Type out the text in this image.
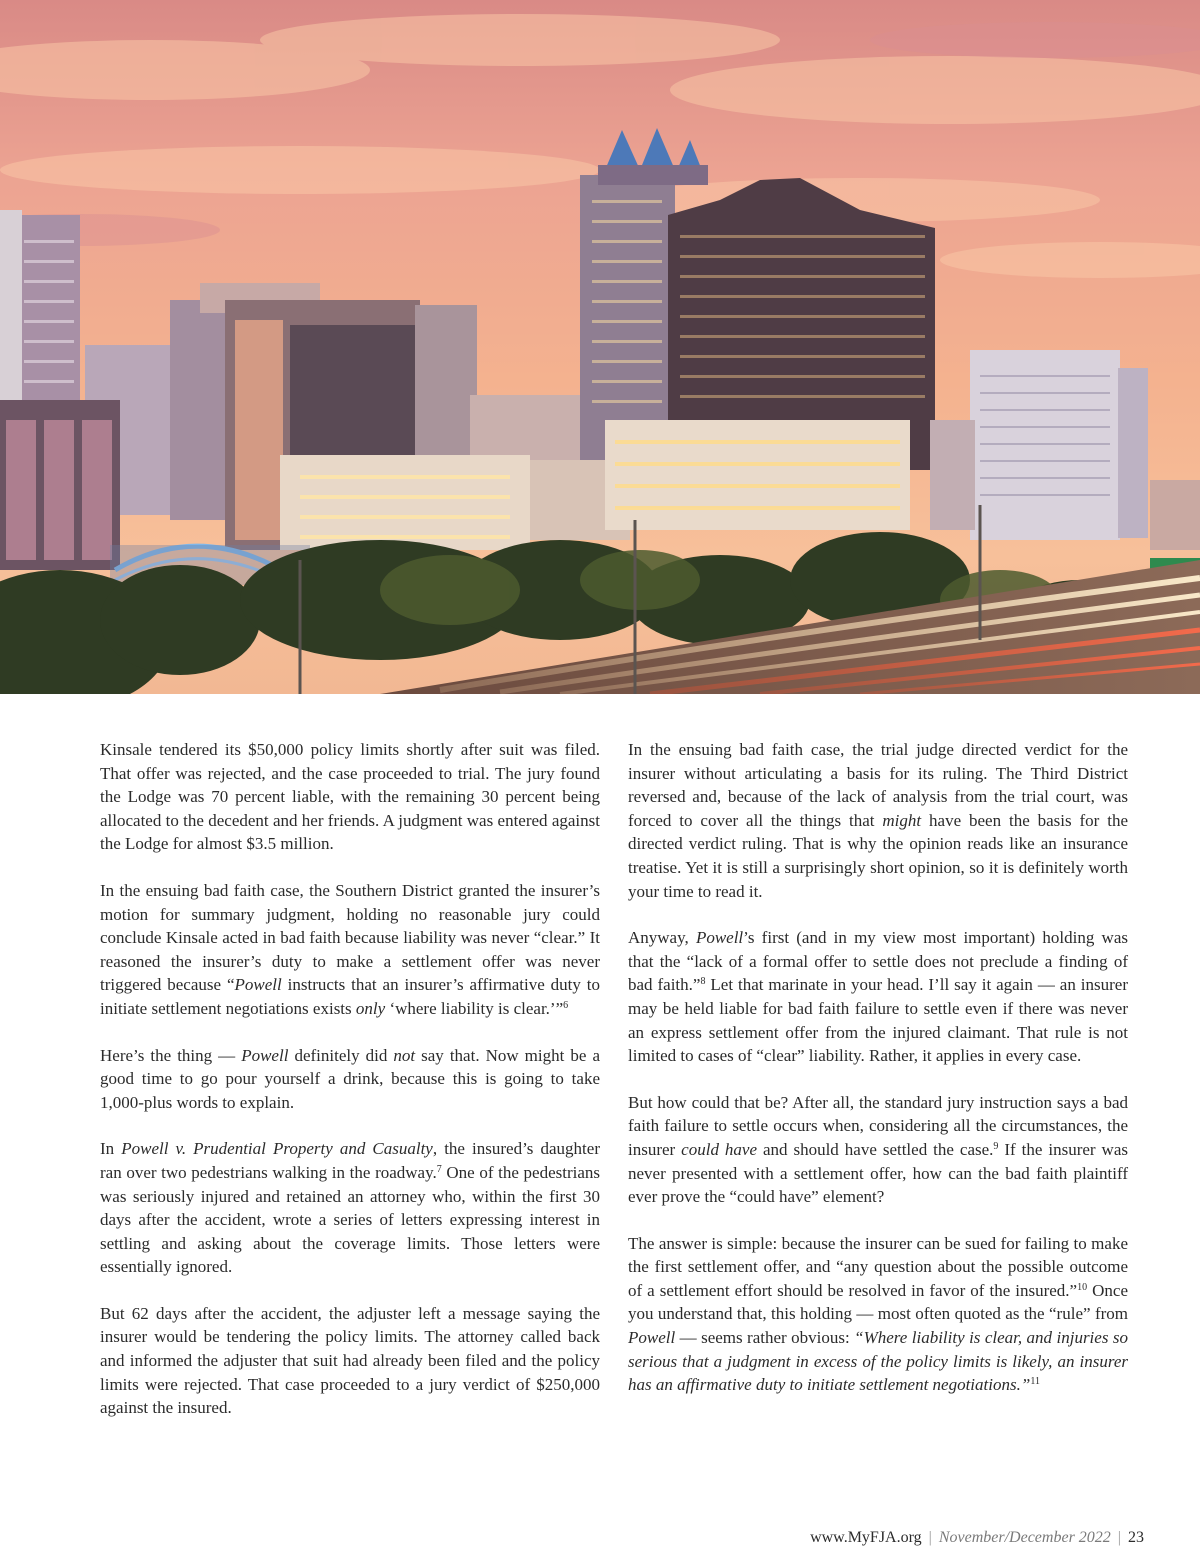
Kinsale tendered its $50,000 policy limits shortly after suit was filed. That offer was rejected, and the case proceeded to trial. The jury found the Lodge was 70 percent liable, with the remaining 30 percent being allocated to the decedent and her friends. A judgment was entered against the Lodge for almost $3.5 million.

In the ensuing bad faith case, the Southern District granted the insurer’s motion for summary judgment, holding no reasonable jury could conclude Kinsale acted in bad faith because liability was never “clear.” It reasoned the insurer’s duty to make a settlement offer was never triggered because “Powell instructs that an insurer’s affirmative duty to initiate settlement negotiations exists only ‘where liability is clear.’”$^6$

Here’s the thing — Powell definitely did not say that. Now might be a good time to go pour yourself a drink, because this is going to take 1,000-plus words to explain.

In Powell v. Prudential Property and Casualty, the insured’s daughter ran over two pedestrians walking in the roadway.$^7$ One of the pedestrians was seriously injured and retained an attorney who, within the first 30 days after the accident, wrote a series of letters expressing interest in settling and asking about the coverage limits. Those letters were essentially ignored.

But 62 days after the accident, the adjuster left a message saying the insurer would be tendering the policy limits. The attorney called back and informed the adjuster that suit had already been filed and the policy limits were rejected. That case proceeded to a jury verdict of $250,000 against the insured.

In the ensuing bad faith case, the trial judge directed verdict for the insurer without articulating a basis for its ruling. The Third District reversed and, because of the lack of analysis from the trial court, was forced to cover all the things that might have been the basis for the directed verdict ruling. That is why the opinion reads like an insurance treatise. Yet it is still a surprisingly short opinion, so it is definitely worth your time to read it.

Anyway, Powell’s first (and in my view most important) holding was that the “lack of a formal offer to settle does not preclude a finding of bad faith.”$^8$ Let that marinate in your head. I’ll say it again — an insurer may be held liable for bad faith failure to settle even if there was never an express settlement offer from the injured claimant. That rule is not limited to cases of “clear” liability. Rather, it applies in every case.

But how could that be? After all, the standard jury instruction says a bad faith failure to settle occurs when, considering all the circumstances, the insurer could have and should have settled the case.$^9$ If the insurer was never presented with a settlement offer, how can the bad faith plaintiff ever prove the “could have” element?

The answer is simple: because the insurer can be sued for failing to make the first settlement offer, and “any question about the possible outcome of a settlement effort should be resolved in favor of the insured.”$^{10}$ Once you understand that, this holding — most often quoted as the “rule” from Powell — seems rather obvious: “Where liability is clear, and injuries so serious that a judgment in excess of the policy limits is likely, an insurer has an affirmative duty to initiate settlement negotiations.”$^{11}$

www.MyFJA.org | November/December 2022 | 23
